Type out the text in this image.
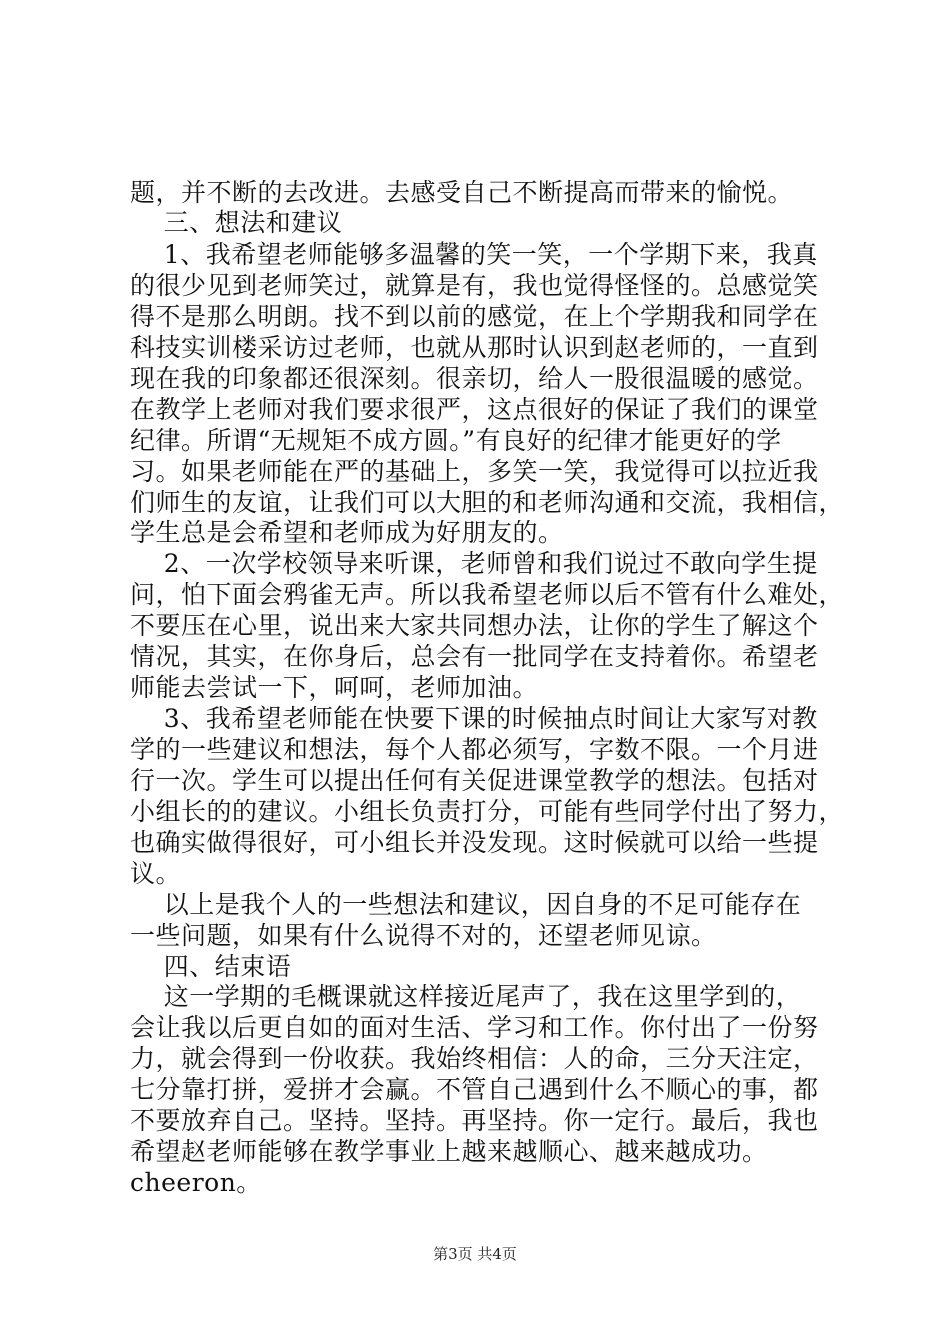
题，并不断的去改进。去感受自己不断提高而带来的愉悦。
三、想法和建议
1、我希望老师能够多温馨的笑一笑，一个学期下来，我真
的很少见到老师笑过，就算是有，我也觉得怪怪的。总感觉笑
得不是那么明朗。找不到以前的感觉，在上个学期我和同学在
科技实训楼采访过老师，也就从那时认识到赵老师的，一直到
现在我的印象都还很深刻。很亲切，给人一股很温暖的感觉。
在教学上老师对我们要求很严，这点很好的保证了我们的课堂
纪律。所谓“无规矩不成方圆。”有良好的纪律才能更好的学
习。如果老师能在严的基础上，多笑一笑，我觉得可以拉近我
们师生的友谊，让我们可以大胆的和老师沟通和交流，我相信，
学生总是会希望和老师成为好朋友的。
2、一次学校领导来听课，老师曾和我们说过不敢向学生提
问，怕下面会鸦雀无声。所以我希望老师以后不管有什么难处，
不要压在心里，说出来大家共同想办法，让你的学生了解这个
情况，其实，在你身后，总会有一批同学在支持着你。希望老
师能去尝试一下，呵呵，老师加油。
3、我希望老师能在快要下课的时候抽点时间让大家写对教
学的一些建议和想法，每个人都必须写，字数不限。一个月进
行一次。学生可以提出任何有关促进课堂教学的想法。包括对
小组长的的建议。小组长负责打分，可能有些同学付出了努力，
也确实做得很好，可小组长并没发现。这时候就可以给一些提
议。
以上是我个人的一些想法和建议，因自身的不足可能存在
一些问题，如果有什么说得不对的，还望老师见谅。
四、结束语
这一学期的毛概课就这样接近尾声了，我在这里学到的，
会让我以后更自如的面对生活、学习和工作。你付出了一份努
力，就会得到一份收获。我始终相信：人的命，三分天注定，
七分靠打拼，爱拼才会赢。不管自己遇到什么不顺心的事，都
不要放弃自己。坚持。坚持。再坚持。你一定行。最后，我也
希望赵老师能够在教学事业上越来越顺心、越来越成功。
cheeron。
第3页 共4页
